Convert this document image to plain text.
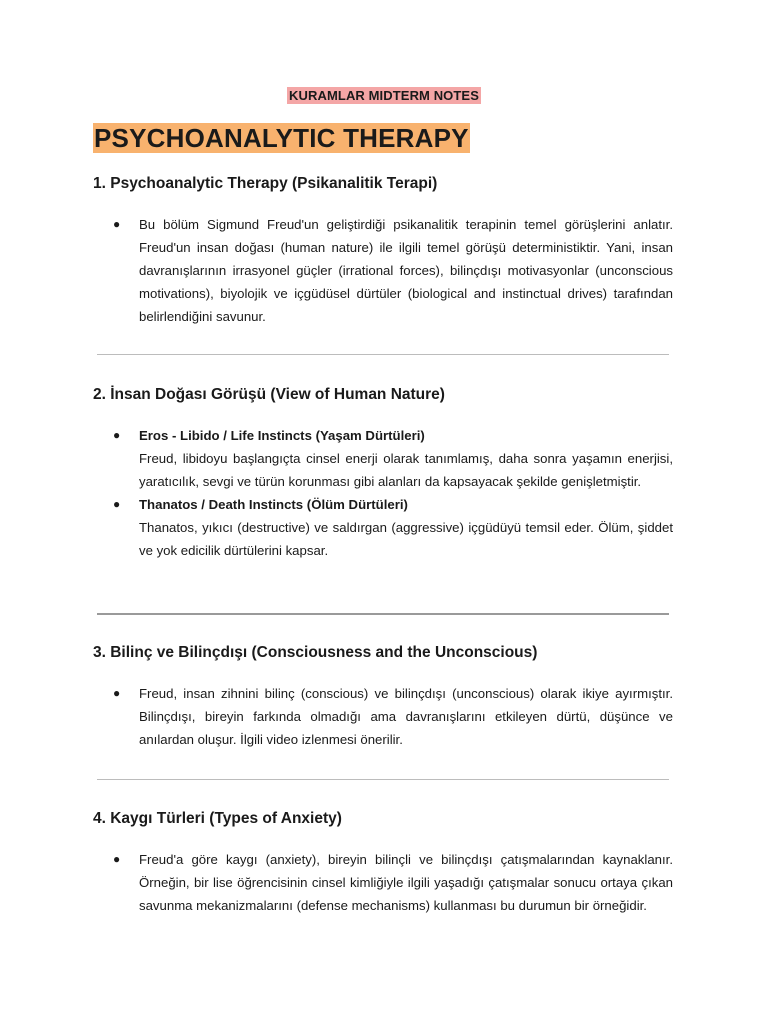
KURAMLAR MIDTERM NOTES
PSYCHOANALYTIC THERAPY
1. Psychoanalytic Therapy (Psikanalitik Terapi)
● Bu bölüm Sigmund Freud'un geliştirdiği psikanalitik terapinin temel görüşlerini anlatır. Freud'un insan doğası (human nature) ile ilgili temel görüşü deterministiktir. Yani, insan davranışlarının irrasyonel güçler (irrational forces), bilinçdışı motivasyonlar (unconscious motivations), biyolojik ve içgüdüsel dürtüler (biological and instinctual drives) tarafından belirlendiğini savunur.
2. İnsan Doğası Görüşü (View of Human Nature)
● Eros - Libido / Life Instincts (Yaşam Dürtüleri)
Freud, libidoyu başlangıçta cinsel enerji olarak tanımlamış, daha sonra yaşamın enerjisi, yaratıcılık, sevgi ve türün korunması gibi alanları da kapsayacak şekilde genişletmiştir.
● Thanatos / Death Instincts (Ölüm Dürtüleri)
Thanatos, yıkıcı (destructive) ve saldırgan (aggressive) içgüdüyü temsil eder. Ölüm, şiddet ve yok edicilik dürtülerini kapsar.
3. Bilinç ve Bilinçdışı (Consciousness and the Unconscious)
● Freud, insan zihnini bilinç (conscious) ve bilinçdışı (unconscious) olarak ikiye ayırmıştır. Bilinçdışı, bireyin farkında olmadığı ama davranışlarını etkileyen dürtü, düşünce ve anılardan oluşur. İlgili video izlenmesi önerilir.
4. Kaygı Türleri (Types of Anxiety)
● Freud'a göre kaygı (anxiety), bireyin bilinçli ve bilinçdışı çatışmalarından kaynaklanır. Örneğin, bir lise öğrencisinin cinsel kimliğiyle ilgili yaşadığı çatışmalar sonucu ortaya çıkan savunma mekanizmalarını (defense mechanisms) kullanması bu durumun bir örneğidir.
